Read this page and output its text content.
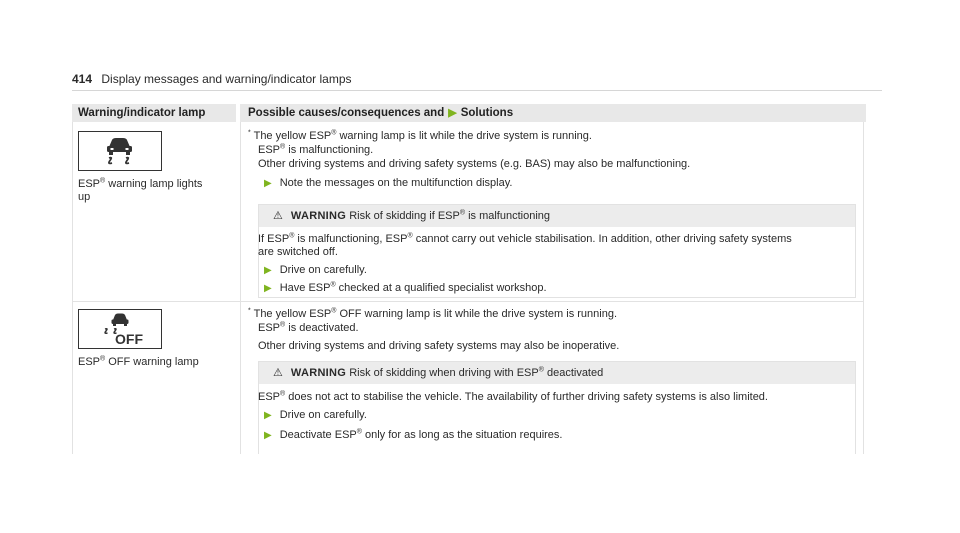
414 Display messages and warning/indicator lamps
Warning/indicator lamp	Possible causes/consequences and ▶ Solutions
ESP® warning lamp lights
up
* The yellow ESP® warning lamp is lit while the drive system is running.
ESP® is malfunctioning.
Other driving systems and driving safety systems (e.g. BAS) may also be malfunctioning.
▶ Note the messages on the multifunction display.
⚠ WARNING Risk of skidding if ESP® is malfunctioning
If ESP® is malfunctioning, ESP® cannot carry out vehicle stabilisation. In addition, other driving safety systems
are switched off.
▶ Drive on carefully.
▶ Have ESP® checked at a qualified specialist workshop.
OFF
ESP® OFF warning lamp
* The yellow ESP® OFF warning lamp is lit while the drive system is running.
ESP® is deactivated.
Other driving systems and driving safety systems may also be inoperative.
⚠ WARNING Risk of skidding when driving with ESP® deactivated
ESP® does not act to stabilise the vehicle. The availability of further driving safety systems is also limited.
▶ Drive on carefully.
▶ Deactivate ESP® only for as long as the situation requires.
